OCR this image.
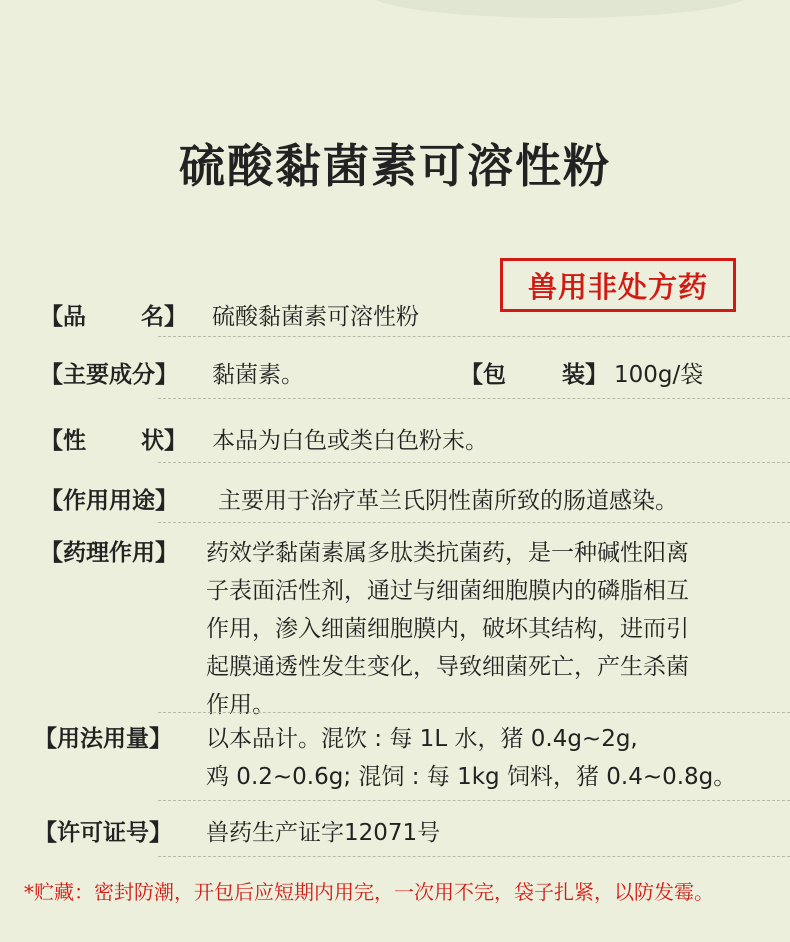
硫酸黏菌素可溶性粉
兽用非处方药
【品 名】 硫酸黏菌素可溶性粉
【主要成分】 黏菌素。	【包 装】 100g/袋
【性 状】 本品为白色或类白色粉末。
【作用用途】 主要用于治疗革兰氏阴性菌所致的肠道感染。
【药理作用】 药效学黏菌素属多肽类抗菌药，是一种碱性阳离
子表面活性剂，通过与细菌细胞膜内的磷脂相互
作用，渗入细菌细胞膜内，破坏其结构，进而引
起膜通透性发生变化，导致细菌死亡，产生杀菌
作用。
【用法用量】 以本品计。混饮 : 每 1L 水，猪 0.4g~2g,
鸡 0.2~0.6g; 混饲 : 每 1kg 饲料，猪 0.4~0.8g。
【许可证号】 兽药生产证字12071号
*贮藏：密封防潮，开包后应短期内用完，一次用不完，袋子扎紧，以防发霉。
